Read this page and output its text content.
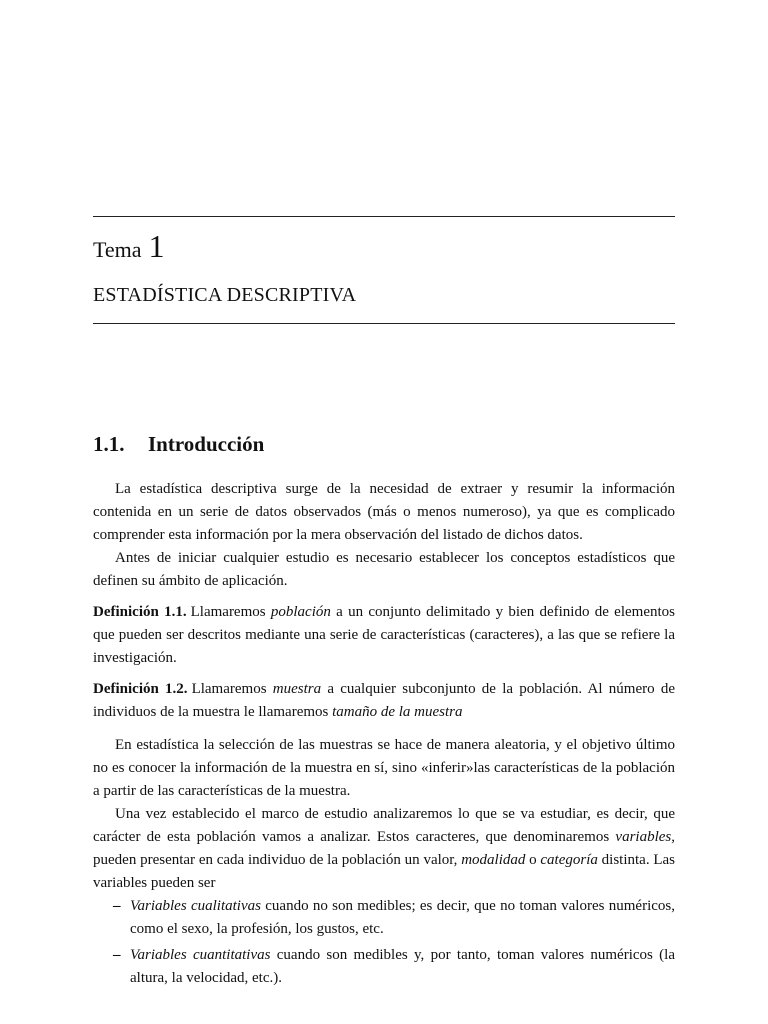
Tema 1
ESTADÍSTICA DESCRIPTIVA
1.1. Introducción

La estadística descriptiva surge de la necesidad de extraer y resumir la información contenida en un serie de datos observados (más o menos numeroso), ya que es complicado comprender esta información por la mera observación del listado de dichos datos.

Antes de iniciar cualquier estudio es necesario establecer los conceptos estadísticos que definen su ámbito de aplicación.

Definición 1.1. Llamaremos población a un conjunto delimitado y bien definido de elementos que pueden ser descritos mediante una serie de características (caracteres), a las que se refiere la investigación.

Definición 1.2. Llamaremos muestra a cualquier subconjunto de la población. Al número de individuos de la muestra le llamaremos tamaño de la muestra

En estadística la selección de las muestras se hace de manera aleatoria, y el objetivo último no es conocer la información de la muestra en sí, sino «inferir»las características de la población a partir de las características de la muestra.

Una vez establecido el marco de estudio analizaremos lo que se va estudiar, es decir, que carácter de esta población vamos a analizar. Estos caracteres, que denominaremos variables, pueden presentar en cada individuo de la población un valor, modalidad o categoría distinta. Las variables pueden ser

– Variables cualitativas cuando no son medibles; es decir, que no toman valores numéricos, como el sexo, la profesión, los gustos, etc.
– Variables cuantitativas cuando son medibles y, por tanto, toman valores numéricos (la altura, la velocidad, etc.).
